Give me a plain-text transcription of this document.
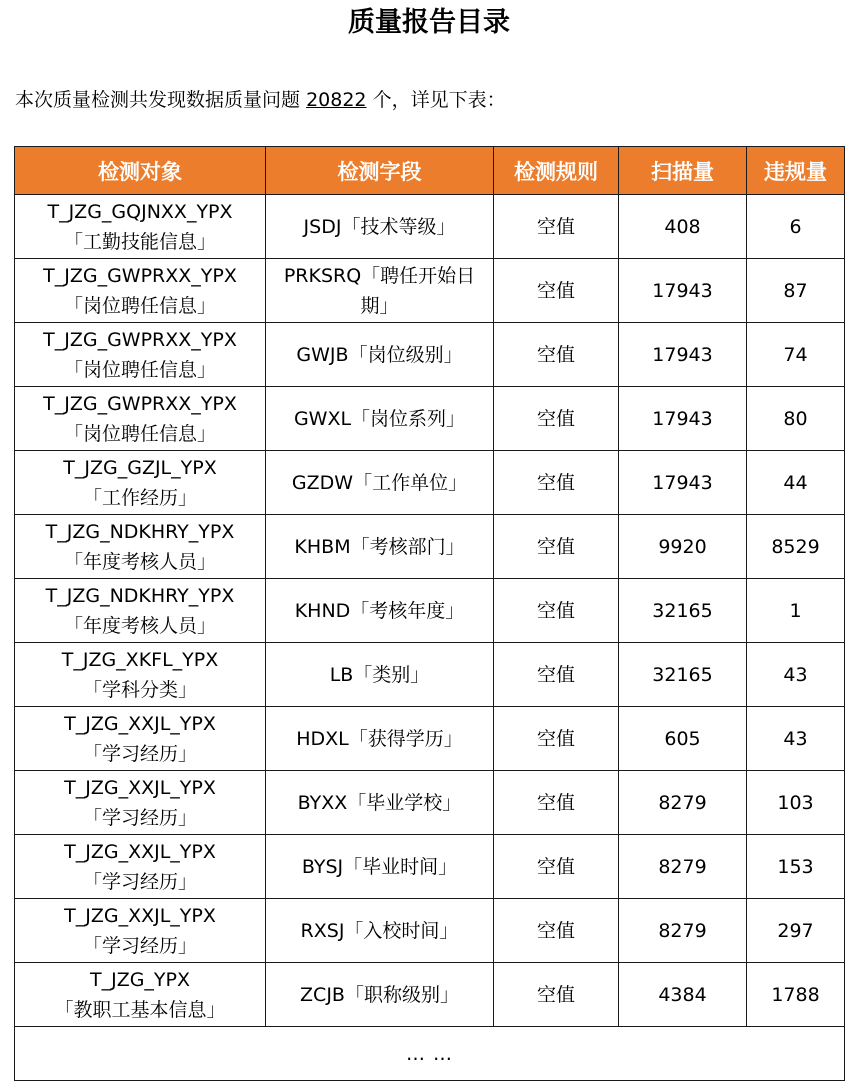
质量报告目录
本次质量检测共发现数据质量问题 20822 个，详见下表：
检测对象	检测字段	检测规则	扫描量	违规量

T_JZG_GQJNXX_YPX
「工勤技能信息」	JSDJ「技术等级」	空值	408	6

T_JZG_GWPRXX_YPX
「岗位聘任信息」	PRKSRQ「聘任开始日期」	空值	17943	87

T_JZG_GWPRXX_YPX
「岗位聘任信息」	GWJB「岗位级别」	空值	17943	74

T_JZG_GWPRXX_YPX
「岗位聘任信息」	GWXL「岗位系列」	空值	17943	80

T_JZG_GZJL_YPX
「工作经历」	GZDW「工作单位」	空值	17943	44

T_JZG_NDKHRY_YPX
「年度考核人员」	KHBM「考核部门」	空值	9920	8529

T_JZG_NDKHRY_YPX
「年度考核人员」	KHND「考核年度」	空值	32165	1

T_JZG_XKFL_YPX
「学科分类」	LB「类别」	空值	32165	43

T_JZG_XXJL_YPX
「学习经历」	HDXL「获得学历」	空值	605	43

T_JZG_XXJL_YPX
「学习经历」	BYXX「毕业学校」	空值	8279	103

T_JZG_XXJL_YPX
「学习经历」	BYSJ「毕业时间」	空值	8279	153

T_JZG_XXJL_YPX
「学习经历」	RXSJ「入校时间」	空值	8279	297

T_JZG_YPX
「教职工基本信息」	ZCJB「职称级别」	空值	4384	1788
… …				
